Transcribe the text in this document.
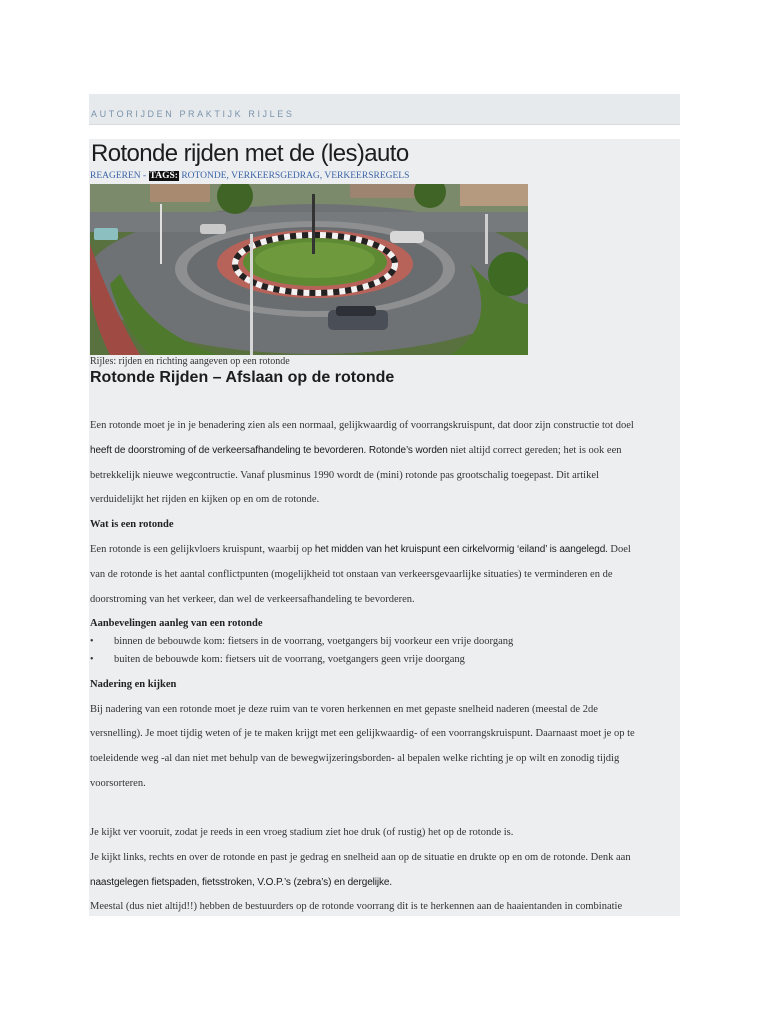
AUTORIJDEN PRAKTIJK RIJLES
Rotonde rijden met de (les)auto
REAGEREN - TAGS: ROTONDE, VERKEERSGEDRAG, VERKEERSREGELS
Rijles: rijden en richting aangeven op een rotonde
Rotonde Rijden – Afslaan op de rotonde
Een rotonde moet je in je benadering zien als een normaal, gelijkwaardig of voorrangskruispunt, dat door zijn constructie tot doel
heeft de doorstroming of de verkeersafhandeling te bevorderen. Rotonde’s worden niet altijd correct gereden; het is ook een
betrekkelijk nieuwe wegcontructie. Vanaf plusminus 1990 wordt de (mini) rotonde pas grootschalig toegepast. Dit artikel
verduidelijkt het rijden en kijken op en om de rotonde.
Wat is een rotonde
Een rotonde is een gelijkvloers kruispunt, waarbij op het midden van het kruispunt een cirkelvormig ‘eiland’ is aangelegd. Doel
van de rotonde is het aantal conflictpunten (mogelijkheid tot onstaan van verkeersgevaarlijke situaties) te verminderen en de
doorstroming van het verkeer, dan wel de verkeersafhandeling te bevorderen.
Aanbevelingen aanleg van een rotonde
• binnen de bebouwde kom: fietsers in de voorrang, voetgangers bij voorkeur een vrije doorgang
• buiten de bebouwde kom: fietsers uit de voorrang, voetgangers geen vrije doorgang
Nadering en kijken
Bij nadering van een rotonde moet je deze ruim van te voren herkennen en met gepaste snelheid naderen (meestal de 2de
versnelling). Je moet tijdig weten of je te maken krijgt met een gelijkwaardig- of een voorrangskruispunt. Daarnaast moet je op te
toeleidende weg -al dan niet met behulp van de bewegwijzeringsborden- al bepalen welke richting je op wilt en zonodig tijdig
voorsorteren.
Je kijkt ver vooruit, zodat je reeds in een vroeg stadium ziet hoe druk (of rustig) het op de rotonde is.
Je kijkt links, rechts en over de rotonde en past je gedrag en snelheid aan op de situatie en drukte op en om de rotonde. Denk aan
naastgelegen fietspaden, fietsstroken, V.O.P.’s (zebra’s) en dergelijke.
Meestal (dus niet altijd!!) hebben de bestuurders op de rotonde voorrang dit is te herkennen aan de haaientanden in combinatie
